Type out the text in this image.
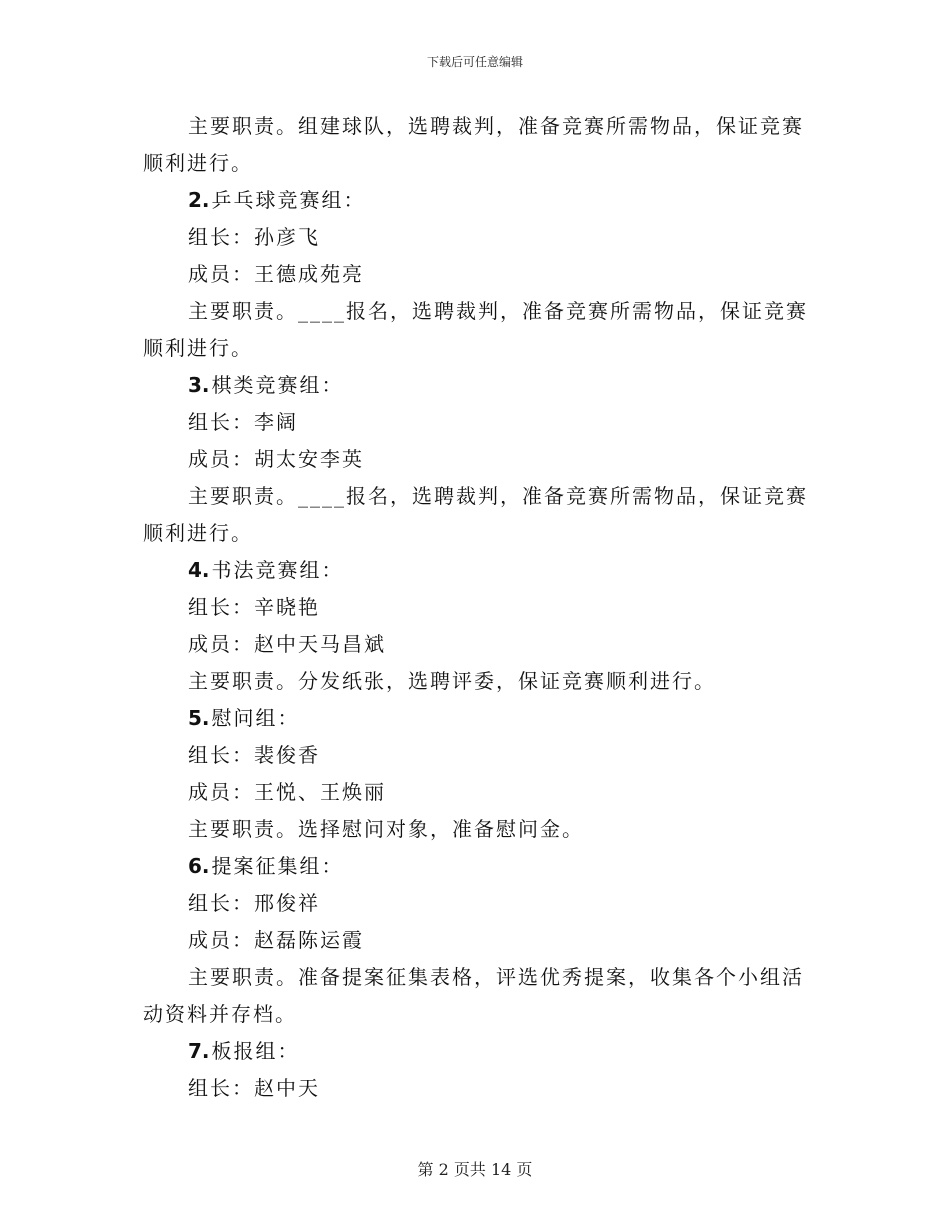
下载后可任意编辑
主要职责。组建球队，选聘裁判，准备竞赛所需物品，保证竞赛
顺利进行。
2. 乒乓球竞赛组：
组长：孙彦飞
成员：王德成苑亮
主要职责。____报名，选聘裁判，准备竞赛所需物品，保证竞赛
顺利进行。
3. 棋类竞赛组：
组长：李阔
成员：胡太安李英
主要职责。____报名，选聘裁判，准备竞赛所需物品，保证竞赛
顺利进行。
4. 书法竞赛组：
组长：辛晓艳
成员：赵中天马昌斌
主要职责。分发纸张，选聘评委，保证竞赛顺利进行。
5. 慰问组：
组长：裴俊香
成员：王悦、王焕丽
主要职责。选择慰问对象，准备慰问金。
6. 提案征集组：
组长：邢俊祥
成员：赵磊陈运霞
主要职责。准备提案征集表格，评选优秀提案，收集各个小组活
动资料并存档。
7. 板报组：
组长：赵中天
第 2 页共 14 页
